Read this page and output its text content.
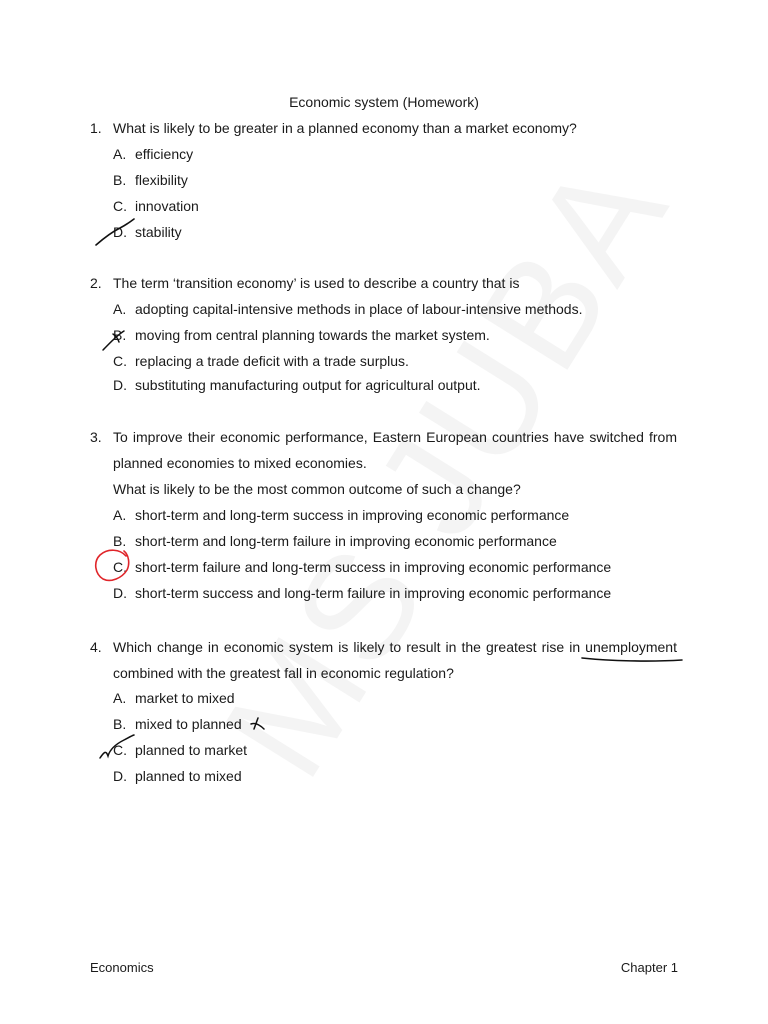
Economic system (Homework)
1. What is likely to be greater in a planned economy than a market economy?
A. efficiency
B. flexibility
C. innovation
D. stability
2. The term ‘transition economy’ is used to describe a country that is
A. adopting capital-intensive methods in place of labour-intensive methods.
B. moving from central planning towards the market system.
C. replacing a trade deficit with a trade surplus.
D. substituting manufacturing output for agricultural output.
3. To improve their economic performance, Eastern European countries have switched from
planned economies to mixed economies.
What is likely to be the most common outcome of such a change?
A. short-term and long-term success in improving economic performance
B. short-term and long-term failure in improving economic performance
C. short-term failure and long-term success in improving economic performance
D. short-term success and long-term failure in improving economic performance
4. Which change in economic system is likely to result in the greatest rise in unemployment
combined with the greatest fall in economic regulation?
A. market to mixed
B. mixed to planned
C. planned to market
D. planned to mixed
Economics	Chapter 1
